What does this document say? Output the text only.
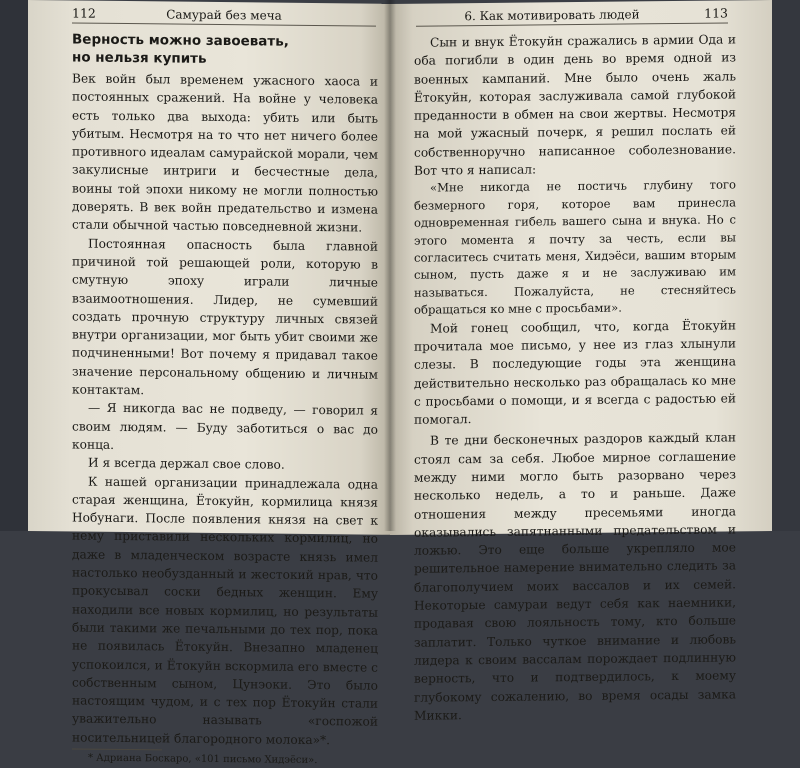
112	Самурай без меча
Верность можно завоевать,
но нельзя купить

Век войн был временем ужасного хаоса и постоянных сражений. На войне у человека есть только два выхода: убить или быть убитым. Несмотря на то что нет ничего более противного идеалам самурайской морали, чем закулисные интриги и бесчестные дела, воины той эпохи никому не могли полностью доверять. В век войн предательство и измена стали обычной частью повседневной жизни.

Постоянная опасность была главной причиной той решающей роли, которую в смутную эпоху играли личные взаимоотношения. Лидер, не сумевший создать прочную структуру личных связей внутри организации, мог быть убит своими же подчиненными! Вот почему я придавал такое значение персональному общению и личным контактам.

— Я никогда вас не подведу, — говорил я своим людям. — Буду заботиться о вас до конца.

И я всегда держал свое слово.

К нашей организации принадлежала одна старая женщина, Ётокуйн, кормилица князя Нобунаги. После появления князя на свет к нему приставили нескольких кормилиц, но даже в младенческом возрасте князь имел настолько необузданный и жестокий нрав, что прокусывал соски бедных женщин. Ему находили все новых кормилиц, но результаты были такими же печальными до тех пор, пока не появилась Ётокуйн. Внезапно младенец успокоился, и Ётокуйн вскормила его вместе с собственным сыном, Цунэоки. Это было настоящим чудом, и с тех пор Ётокуйн стали уважительно называть «госпожой носительницей благородного молока»*.

* Адриана Боскаро, «101 письмо Хидэёси».

6. Как мотивировать людей	113

Сын и внук Ётокуйн сражались в армии Ода и оба погибли в один день во время одной из военных кампаний. Мне было очень жаль Ётокуйн, которая заслуживала самой глубокой преданности в обмен на свои жертвы. Несмотря на мой ужасный почерк, я решил послать ей собственноручно написанное соболезнование. Вот что я написал:

«Мне никогда не постичь глубину того безмерного горя, которое вам принесла одновременная гибель вашего сына и внука. Но с этого момента я почту за честь, если вы согласитесь считать меня, Хидэёси, вашим вторым сыном, пусть даже я и не заслуживаю им называться. Пожалуйста, не стесняйтесь обращаться ко мне с просьбами».

Мой гонец сообщил, что, когда Ётокуйн прочитала мое письмо, у нее из глаз хлынули слезы. В последующие годы эта женщина действительно несколько раз обращалась ко мне с просьбами о помощи, и я всегда с радостью ей помогал.

В те дни бесконечных раздоров каждый клан стоял сам за себя. Любое мирное соглашение между ними могло быть разорвано через несколько недель, а то и раньше. Даже отношения между пресемьями иногда оказывались запятнанными предательством и ложью. Это еще больше укрепляло мое решительное намерение внимательно следить за благополучием моих вассалов и их семей. Некоторые самураи ведут себя как наемники, продавая свою лояльность тому, кто больше заплатит. Только чуткое внимание и любовь лидера к своим вассалам порождает подлинную верность, что и подтвердилось, к моему глубокому сожалению, во время осады замка Микки.
